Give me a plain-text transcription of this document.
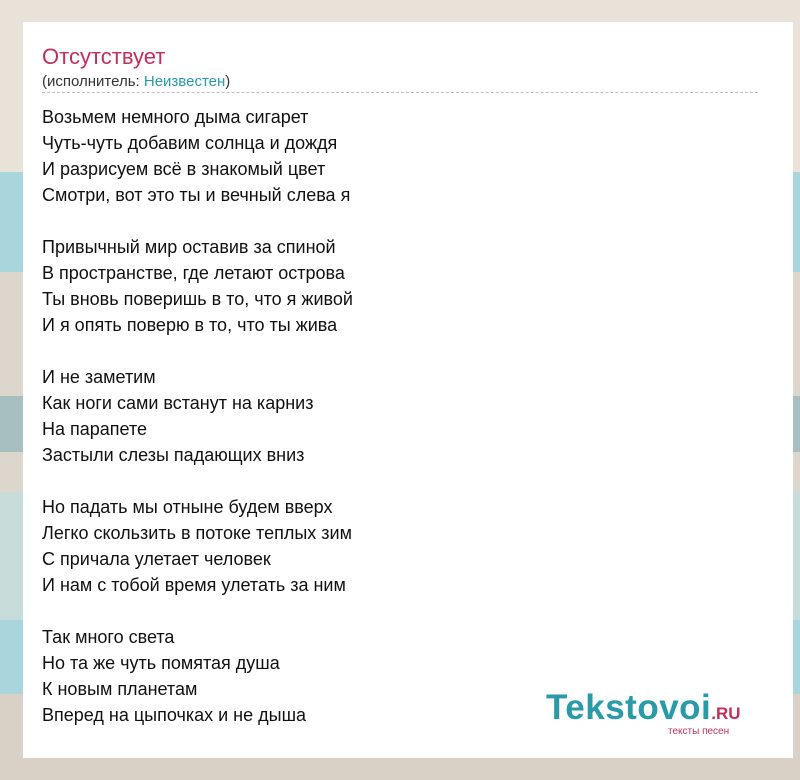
Отсутствует
(исполнитель: Неизвестен)
Возьмем немного дыма сигарет
Чуть-чуть добавим солнца и дождя
И разрисуем всё в знакомый цвет
Смотри, вот это ты и вечный слева я
Привычный мир оставив за спиной
В пространстве, где летают острова
Ты вновь поверишь в то, что я живой
И я опять поверю в то, что ты жива
И не заметим
Как ноги сами встанут на карниз
На парапете
Застыли слезы падающих вниз
Но падать мы отныне будем вверх
Легко скользить в потоке теплых зим
С причала улетает человек
И нам с тобой время улетать за ним
Так много света
Но та же чуть помятая душа
К новым планетам
Вперед на цыпочках и не дыша	Tekstovoi.RU
тексты песен
